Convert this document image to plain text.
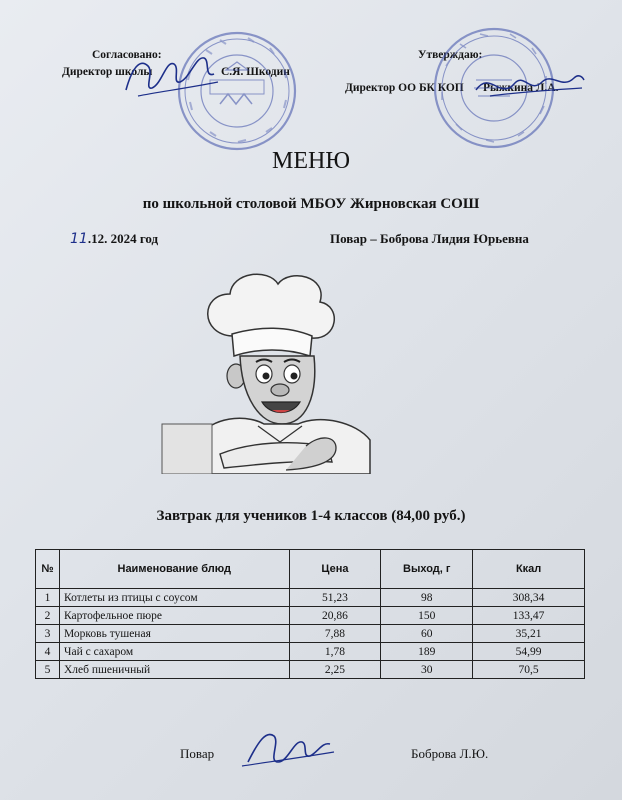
Согласовано:
Директор школы	С.Я. Шкодин
Утверждаю:
Директор ОО БК КОП Рыжкина Л.А.
МЕНЮ
по школьной столовой МБОУ Жирновская СОШ
11.12. 2024 год	Повар – Боброва Лидия Юрьевна
Завтрак для учеников 1-4 классов (84,00 руб.)
№	Наименование блюд	Цена	Выход, г	Ккал
1	Котлеты из птицы с соусом	51,23	98	308,34
2	Картофельное пюре	20,86	150	133,47
3	Морковь тушеная	7,88	60	35,21
4	Чай с сахаром	1,78	189	54,99
5	Хлеб пшеничный	2,25	30	70,5
Повар	Боброва Л.Ю.
